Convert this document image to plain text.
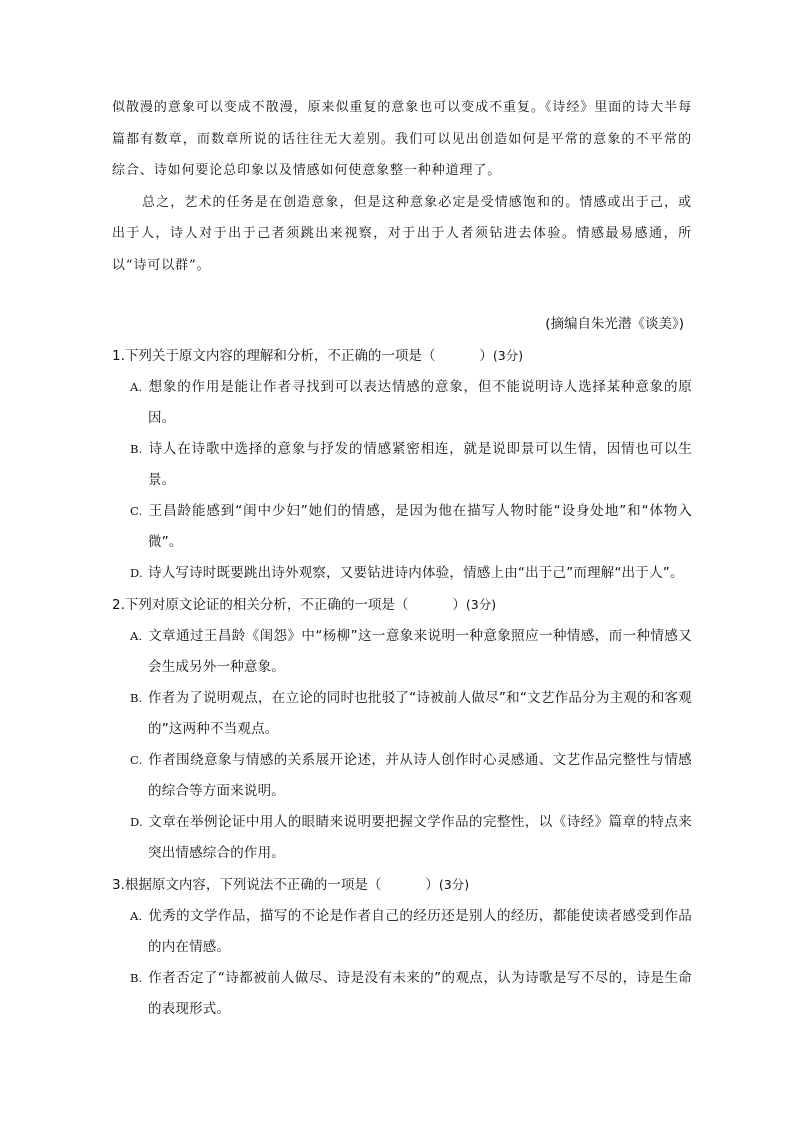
似散漫的意象可以变成不散漫，原来似重复的意象也可以变成不重复。《诗经》里面的诗大半每篇都有数章，而数章所说的话往往无大差别。我们可以见出创造如何是平常的意象的不平常的综合、诗如何要论总印象以及情感如何使意象整一种种道理了。

总之，艺术的任务是在创造意象，但是这种意象必定是受情感饱和的。情感或出于己，或出于人，诗人对于出于己者须跳出来视察，对于出于人者须钻进去体验。情感最易感通，所以“诗可以群”。

(摘编自朱光潜《谈美》)

1.下列关于原文内容的理解和分析，不正确的一项是（	）(3分)

A. 想象的作用是能让作者寻找到可以表达情感的意象，但不能说明诗人选择某种意象的原因。

B. 诗人在诗歌中选择的意象与抒发的情感紧密相连，就是说即景可以生情，因情也可以生景。

C. 王昌龄能感到“闺中少妇”她们的情感，是因为他在描写人物时能“设身处地”和“体物入微”。

D. 诗人写诗时既要跳出诗外观察，又要钻进诗内体验，情感上由“出于己”而理解“出于人”。

2.下列对原文论证的相关分析，不正确的一项是（	）(3分)

A. 文章通过王昌龄《闺怨》中“杨柳”这一意象来说明一种意象照应一种情感，而一种情感又会生成另外一种意象。

B. 作者为了说明观点，在立论的同时也批驳了“诗被前人做尽”和“文艺作品分为主观的和客观的”这两种不当观点。

C. 作者围绕意象与情感的关系展开论述，并从诗人创作时心灵感通、文艺作品完整性与情感的综合等方面来说明。

D. 文章在举例论证中用人的眼睛来说明要把握文学作品的完整性，以《诗经》篇章的特点来突出情感综合的作用。

3.根据原文内容，下列说法不正确的一项是（	）(3分)

A. 优秀的文学作品，描写的不论是作者自己的经历还是别人的经历，都能使读者感受到作品的内在情感。

B. 作者否定了“诗都被前人做尽、诗是没有未来的”的观点，认为诗歌是写不尽的，诗是生命的表现形式。
